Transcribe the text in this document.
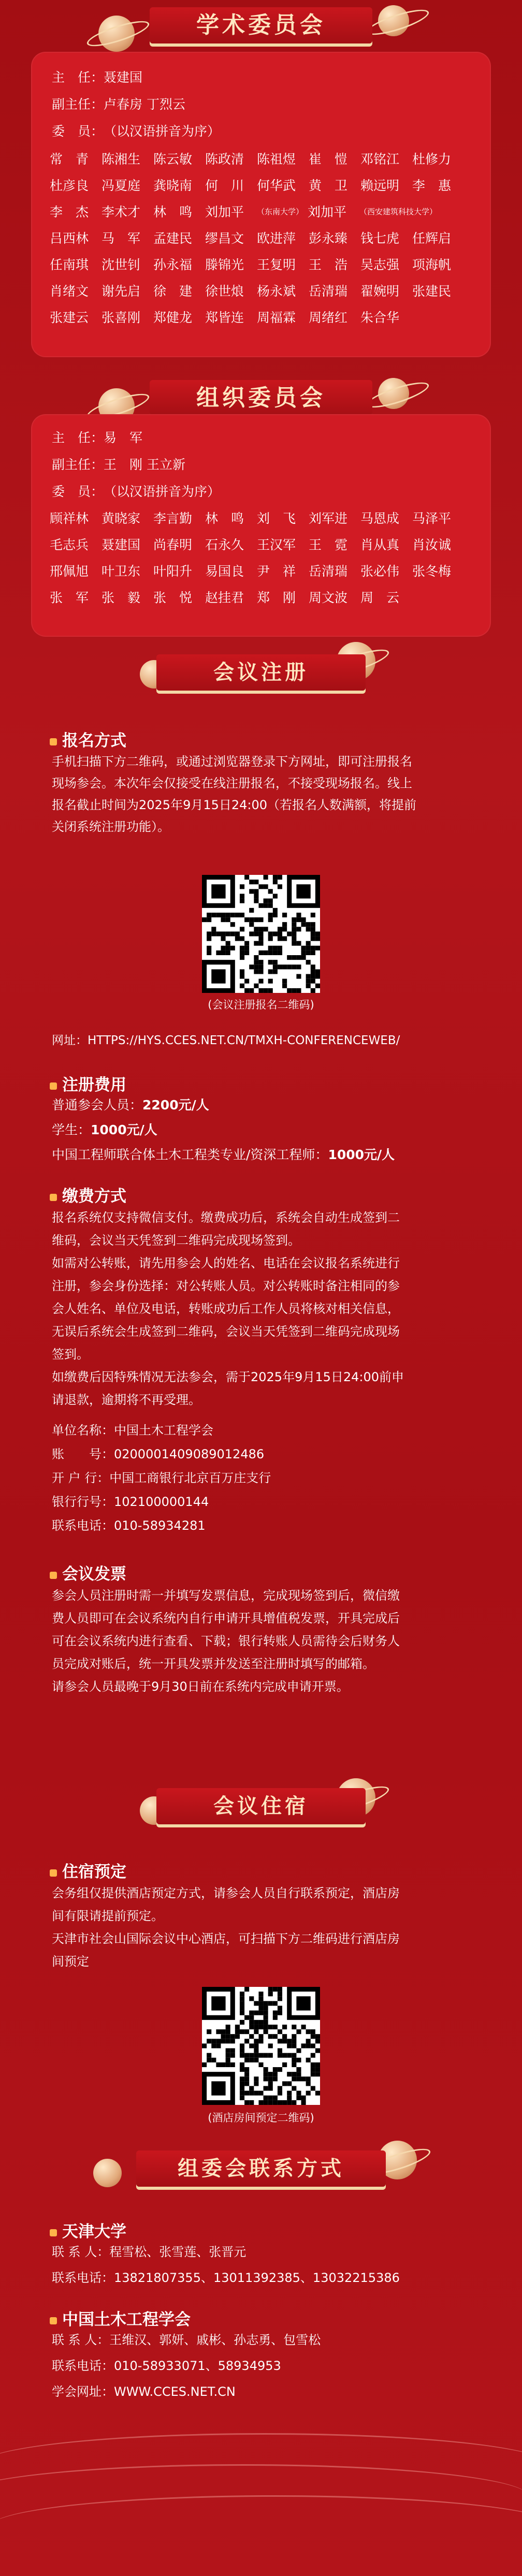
学术委员会
主　任：聂建国
副主任：卢春房 丁烈云
委　员：（以汉语拼音为序）
常　青 陈湘生 陈云敏 陈政清 陈祖煜 崔　愷 邓铭江 杜修力
杜彦良 冯夏庭 龚晓南 何　川 何华武 黄　卫 赖远明 李　惠
李　杰 李术才 林　鸣 刘加平 （东南大学） 刘加平 （西安建筑科技大学）
吕西林 马　军 孟建民 缪昌文 欧进萍 彭永臻 钱七虎 任辉启
任南琪 沈世钊 孙永福 滕锦光 王复明 王　浩 吴志强 项海帆
肖绪文 谢先启 徐　建 徐世烺 杨永斌 岳清瑞 翟婉明 张建民
张建云 张喜刚 郑健龙 郑皆连 周福霖 周绪红 朱合华
组织委员会
主　任：易　军
副主任：王　刚 王立新
委　员：（以汉语拼音为序）
顾祥林 黄晓家 李言勤 林　鸣 刘　飞 刘军进 马恩成 马泽平
毛志兵 聂建国 尚春明 石永久 王汉军 王　霓 肖从真 肖汝诚
邢佩旭 叶卫东 叶阳升 易国良 尹　祥 岳清瑞 张必伟 张冬梅
张　军 张　毅 张　悦 赵挂君 郑　刚 周文波 周　云
会议注册
报名方式
手机扫描下方二维码，或通过浏览器登录下方网址，即可注册报名
现场参会。本次年会仅接受在线注册报名，不接受现场报名。线上
报名截止时间为2025年9月15日24:00（若报名人数满额，将提前
关闭系统注册功能）。
(会议注册报名二维码)
网址：HTTPS://HYS.CCES.NET.CN/TMXH-CONFERENCEWEB/
注册费用
普通参会人员：2200元/人
学生：1000元/人
中国工程师联合体土木工程类专业/资深工程师：1000元/人
缴费方式
报名系统仅支持微信支付。缴费成功后，系统会自动生成签到二
维码，会议当天凭签到二维码完成现场签到。
如需对公转账，请先用参会人的姓名、电话在会议报名系统进行
注册，参会身份选择：对公转账人员。对公转账时备注相同的参
会人姓名、单位及电话，转账成功后工作人员将核对相关信息，
无误后系统会生成签到二维码，会议当天凭签到二维码完成现场
签到。
如缴费后因特殊情况无法参会，需于2025年9月15日24:00前申
请退款，逾期将不再受理。
单位名称：中国土木工程学会
账　　号：0200001409089012486
开 户 行：中国工商银行北京百万庄支行
银行行号：102100000144
联系电话：010-58934281
会议发票
参会人员注册时需一并填写发票信息，完成现场签到后，微信缴
费人员即可在会议系统内自行申请开具增值税发票，开具完成后
可在会议系统内进行查看、下载；银行转账人员需待会后财务人
员完成对账后，统一开具发票并发送至注册时填写的邮箱。
请参会人员最晚于9月30日前在系统内完成申请开票。
会议住宿
住宿预定
会务组仅提供酒店预定方式，请参会人员自行联系预定，酒店房
间有限请提前预定。
天津市社会山国际会议中心酒店，可扫描下方二维码进行酒店房
间预定
(酒店房间预定二维码)
组委会联系方式
天津大学
联 系 人：程雪松、张雪莲、张晋元
联系电话：13821807355、13011392385、13032215386
中国土木工程学会
联 系 人：王维汉、郭妍、戚彬、孙志勇、包雪松
联系电话：010-58933071、58934953
学会网址：WWW.CCES.NET.CN
